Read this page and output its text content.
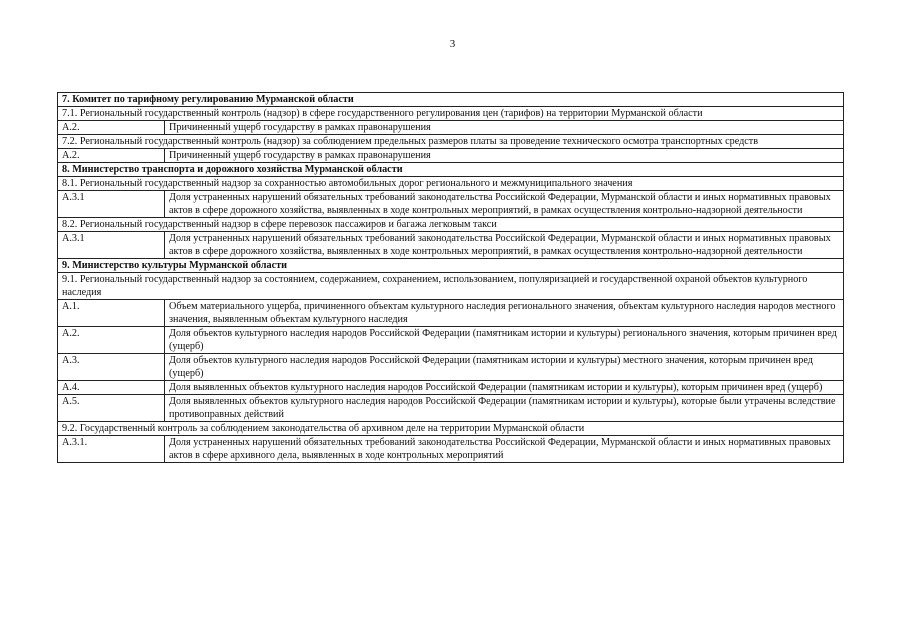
3
7. Комитет по тарифному регулированию Мурманской области	
7.1. Региональный государственный контроль (надзор) в сфере государственного регулирования цен (тарифов) на территории Мурманской области	
А.2.	Причиненный ущерб государству в рамках правонарушения
7.2. Региональный государственный контроль (надзор) за соблюдением предельных размеров платы за проведение технического осмотра транспортных средств	
А.2.	Причиненный ущерб государству в рамках правонарушения
8. Министерство транспорта и дорожного хозяйства Мурманской области	
8.1. Региональный государственный надзор за сохранностью автомобильных дорог регионального и межмуниципального значения	
А.3.1	Доля устраненных нарушений обязательных требований законодательства Российской Федерации, Мурманской области и иных нормативных правовых актов в сфере дорожного хозяйства, выявленных в ходе контрольных мероприятий, в рамках осуществления контрольно-надзорной деятельности
8.2. Региональный государственный надзор в сфере перевозок пассажиров и багажа легковым такси	
А.3.1	Доля устраненных нарушений обязательных требований законодательства Российской Федерации, Мурманской области и иных нормативных правовых актов в сфере дорожного хозяйства, выявленных в ходе контрольных мероприятий, в рамках осуществления контрольно-надзорной деятельности
9. Министерство культуры Мурманской области	
9.1. Региональный государственный надзор за состоянием, содержанием, сохранением, использованием, популяризацией и государственной охраной объектов культурного наследия	
А.1.	Объем материального ущерба, причиненного объектам культурного наследия регионального значения, объектам культурного наследия народов местного значения, выявленным объектам культурного наследия
А.2.	Доля объектов культурного наследия народов Российской Федерации (памятникам истории и культуры) регионального значения, которым причинен вред (ущерб)
А.3.	Доля объектов культурного наследия народов Российской Федерации (памятникам истории и культуры) местного значения, которым причинен вред (ущерб)
А.4.	Доля выявленных объектов культурного наследия народов Российской Федерации (памятникам истории и культуры), которым причинен вред (ущерб)
А.5.	Доля выявленных объектов культурного наследия народов Российской Федерации (памятникам истории и культуры), которые были утрачены вследствие противоправных действий
9.2. Государственный контроль за соблюдением законодательства об архивном деле на территории Мурманской области	
А.3.1.	Доля устраненных нарушений обязательных требований законодательства Российской Федерации, Мурманской области и иных нормативных правовых актов в сфере архивного дела, выявленных в ходе контрольных мероприятий
